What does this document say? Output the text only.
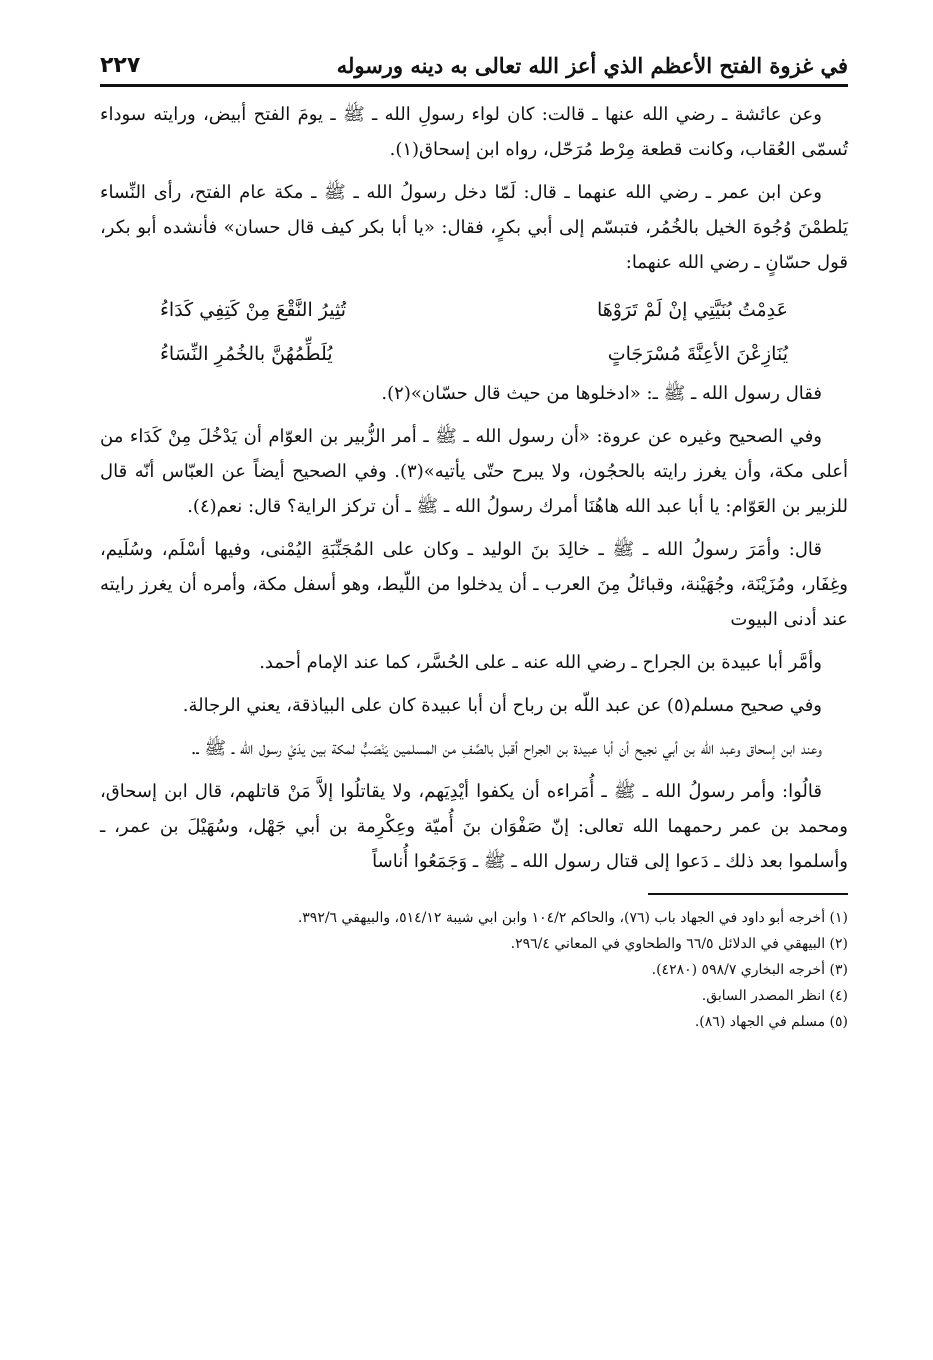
في غزوة الفتح الأعظم الذي أعز الله تعالى به دينه ورسوله
٢٢٧

وعن عائشة ـ رضي الله عنها ـ قالت: كان لواء رسولِ الله ـ ﷺ ـ يومَ الفتح أبيض، ورايته سوداء تُسمّى العُقاب، وكانت قطعة مِرْط مُرَحّل، رواه ابن إسحاق(١).

وعن ابن عمر ـ رضي الله عنهما ـ قال: لَمّا دخل رسولُ الله ـ ﷺ ـ مكة عام الفتح، رأى النِّساء يَلطمْنَ وُجُوهَ الخيل بالخُمُر، فتبسّم إلى أبي بكرٍ، فقال: «يا أبا بكر كيف قال حسان» فأنشده أبو بكر، قول حسّانٍ ـ رضي الله عنهما:

عَدِمْتُ بُنَيَّتِي إنْ لَمْ تَرَوْهَا
تُثِيرُ النَّقْعَ مِنْ كَتِفِي كَدَاءُ
يُنَازِعْنَ الأعِنَّةَ مُسْرَجَاتٍ
يُلَطِّمُهُنَّ بالخُمُرِ النِّسَاءُ

فقال رسول الله ـ ﷺ ـ: «ادخلوها من حيث قال حسّان»(٢).

وفي الصحيح وغيره عن عروة: «أن رسول الله ـ ﷺ ـ أمر الزُّبير بن العوّام أن يَدْخُلَ مِنْ كَدَاء من أعلى مكة، وأن يغرز رايته بالحجُون، ولا يبرح حتّى يأتيه»(٣). وفي الصحيح أيضاً عن العبّاس أنّه قال للزبير بن العَوّام: يا أبا عبد الله هاهُنَا أمرك رسولُ الله ـ ﷺ ـ أن تركز الراية؟ قال: نعم(٤).

قال: وأمَرَ رسولُ الله ـ ﷺ ـ خالِدَ بنَ الوليد ـ وكان على المُجَنِّبَةِ اليُمْنى، وفيها أسْلَم، وسُلَيم، وغِفَار، ومُزَيْنَة، وجُهَيْنة، وقبائلُ مِنَ العرب ـ أن يدخلوا من اللّيط، وهو أسفل مكة، وأمره أن يغرز رايته عند أدنى البيوت

وأمَّر أبا عبيدة بن الجراح ـ رضي الله عنه ـ على الحُسَّر، كما عند الإمام أحمد.

وفي صحيح مسلم(٥) عن عبد اللّه بن رباح أن أبا عبيدة كان على البياذقة، يعني الرجالة.

وعند ابن إسحاق وعبد اللّه بن أبي نجيح أن أبا عبيدة بن الجراح أقبل بالصَّفِ من المسلمين يَنْصَبُّ لمكة بين يدَيْ رسول الله ـ ﷺ ـ.

قالُوا: وأمر رسولُ الله ـ ﷺ ـ أُمَراءه أن يكفوا أيْدِيَهم، ولا يقاتلُوا إلاَّ مَنْ قاتلهم، قال ابن إسحاق، ومحمد بن عمر رحمهما الله تعالى: إنّ صَفْوَان بنَ أُميّة وعِكْرِمة بن أبي جَهْل، وسُهَيْلَ بن عمر، ـ وأسلموا بعد ذلك ـ دَعوا إلى قتال رسول الله ـ ﷺ ـ وَجَمَعُوا أُناساً

(١) أخرجه أبو داود في الجهاد باب (٧٦)، والحاكم ١٠٤/٢ وابن ابي شيبة ٥١٤/١٢، والبيهقي ٣٩٢/٦.

(٢) البيهقي في الدلائل ٦٦/٥ والطحاوي في المعاني ٢٩٦/٤.

(٣) أخرجه البخاري ٥٩٨/٧ (٤٢٨٠).

(٤) انظر المصدر السابق.

(٥) مسلم في الجهاد (٨٦).
